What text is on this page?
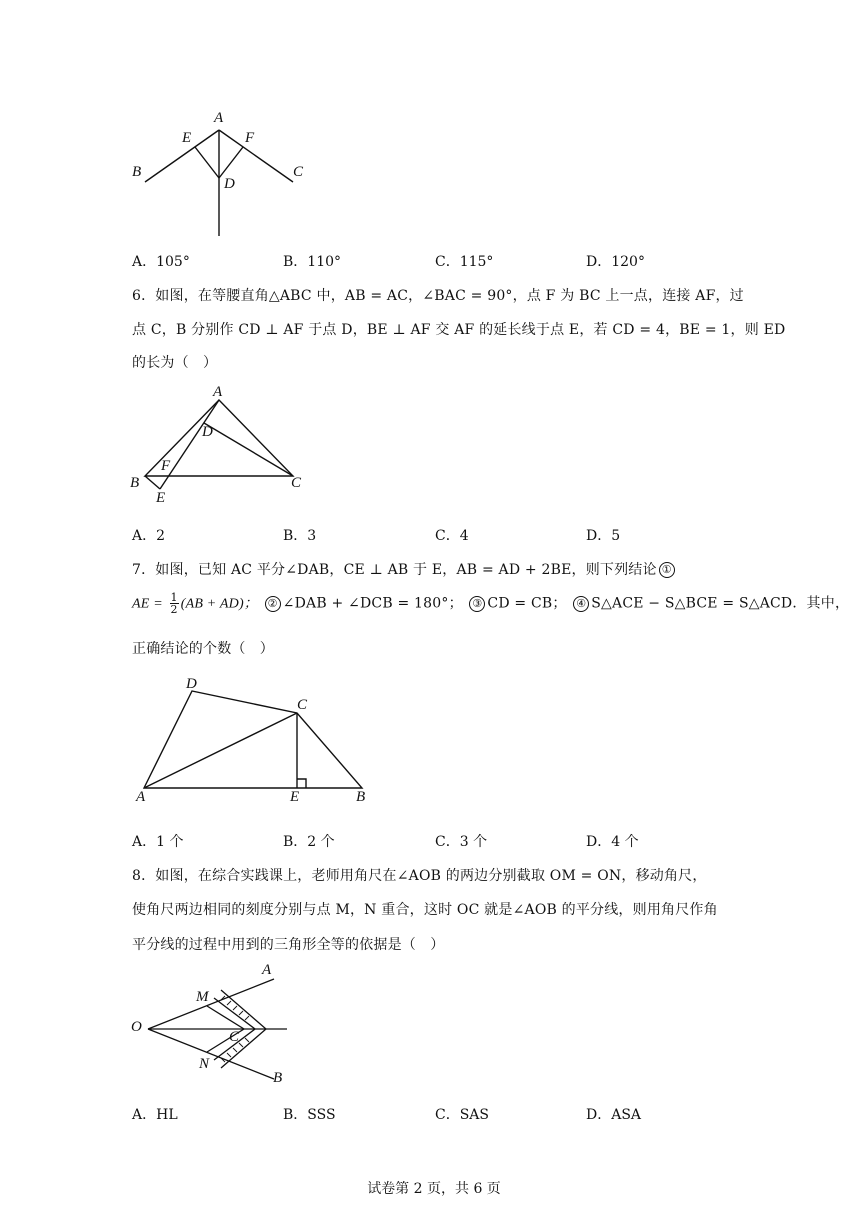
A
E	F
B	C
D
A．105°	B．110°	C．115°	D．120°
6．如图，在等腰直角△ABC 中，AB = AC，∠BAC = 90°，点 F 为 BC 上一点，连接 AF，过
点 C，B 分别作 CD ⊥ AF 于点 D，BE ⊥ AF 交 AF 的延长线于点 E，若 CD = 4，BE = 1，则 ED
的长为（　）
A
D
F
B
E
C
A．2	B．3	C．4	D．5
7．如图，已知 AC 平分∠DAB，CE ⊥ AB 于 E，AB = AD + 2BE，则下列结论 ①
AE = $\frac{1}{2} (AB + AD)$； ② ∠DAB + ∠DCB = 180°； ③ CD = CB； ④ S△ACE − S△BCE = S△ACD．其中，
正确结论的个数（　）
D
C
A	E	B
A．1 个	B．2 个	C．3 个	D．4 个
8．如图，在综合实践课上，老师用角尺在∠AOB 的两边分别截取 OM = ON，移动角尺，
使角尺两边相同的刻度分别与点 M，N 重合，这时 OC 就是∠AOB 的平分线，则用角尺作角
平分线的过程中用到的三角形全等的依据是（　）
A
M
O
C
N
B
A．HL	B．SSS	C．SAS	D．ASA
试卷第 2 页，共 6 页
